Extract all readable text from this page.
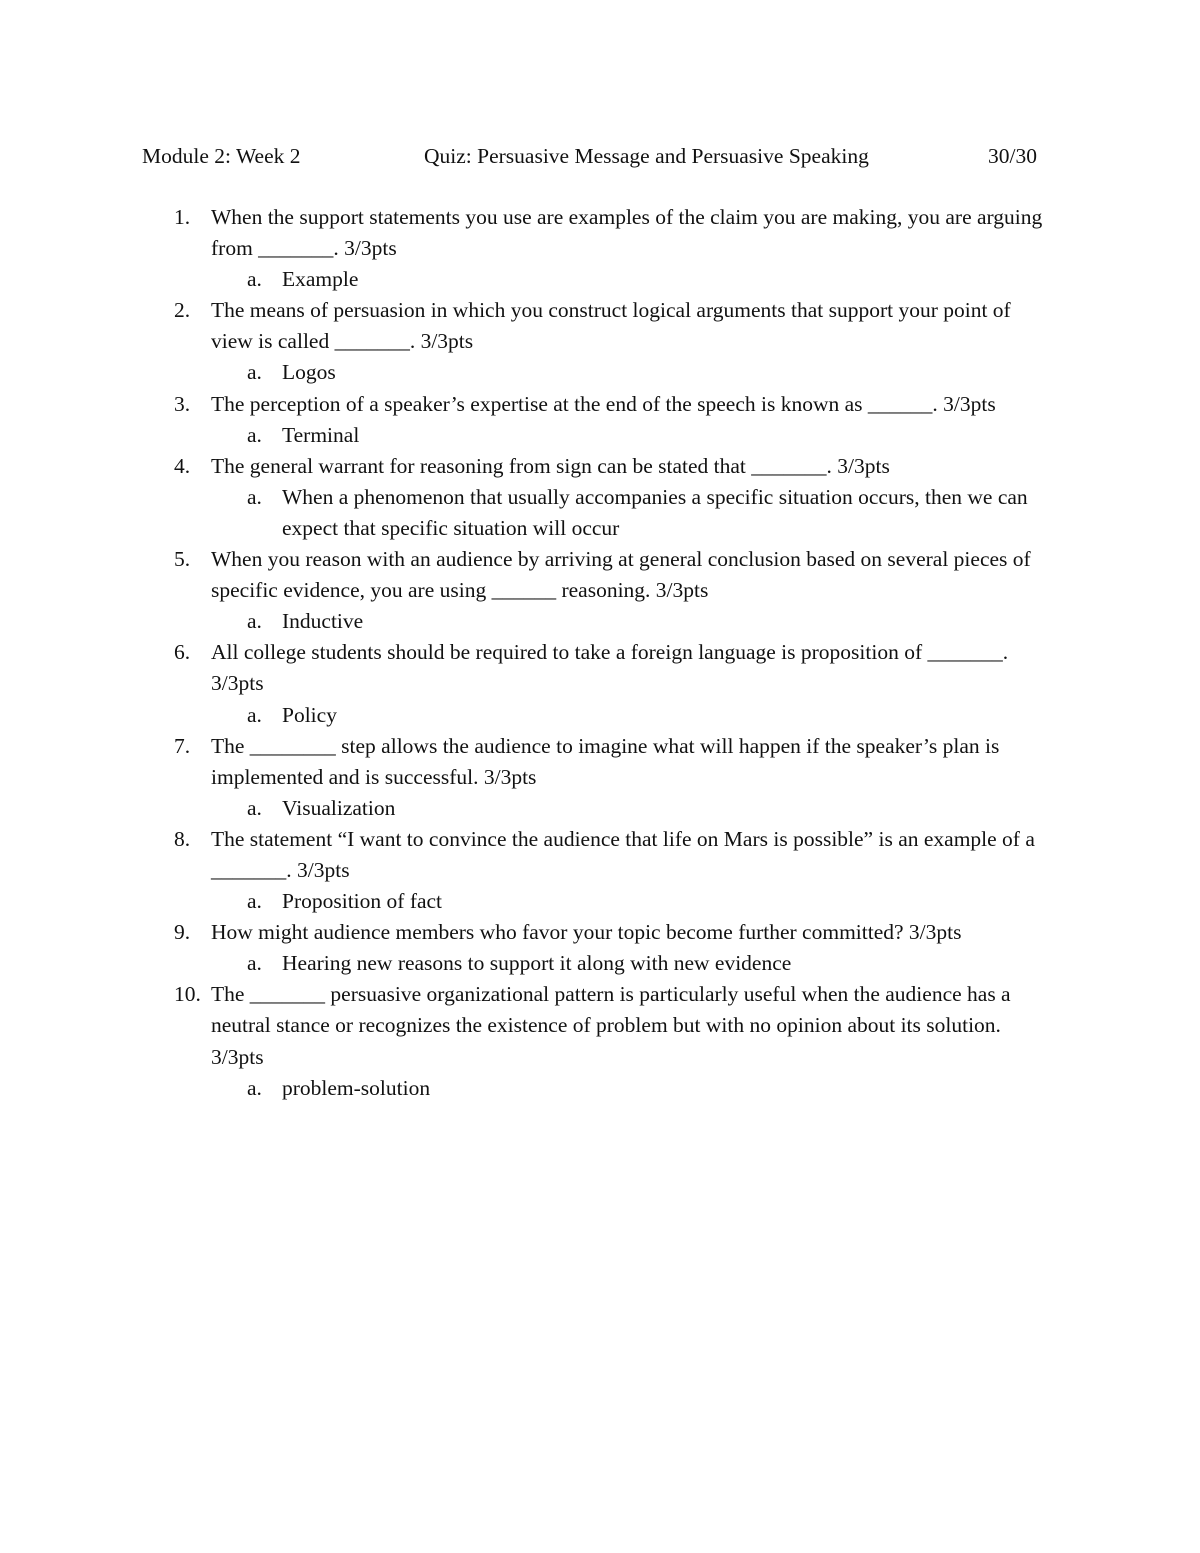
Module 2: Week 2	Quiz: Persuasive Message and Persuasive Speaking	30/30
1. When the support statements you use are examples of the claim you are making, you are arguing from _______. 3/3pts
a. Example
2. The means of persuasion in which you construct logical arguments that support your point of view is called _______. 3/3pts
a. Logos
3. The perception of a speaker’s expertise at the end of the speech is known as ______. 3/3pts
a. Terminal
4. The general warrant for reasoning from sign can be stated that _______. 3/3pts
a. When a phenomenon that usually accompanies a specific situation occurs, then we can expect that specific situation will occur
5. When you reason with an audience by arriving at general conclusion based on several pieces of specific evidence, you are using ______ reasoning. 3/3pts
a. Inductive
6. All college students should be required to take a foreign language is proposition of _______. 3/3pts
a. Policy
7. The ________ step allows the audience to imagine what will happen if the speaker’s plan is implemented and is successful. 3/3pts
a. Visualization
8. The statement “I want to convince the audience that life on Mars is possible” is an example of a _______. 3/3pts
a. Proposition of fact
9. How might audience members who favor your topic become further committed? 3/3pts
a. Hearing new reasons to support it along with new evidence
10. The _______ persuasive organizational pattern is particularly useful when the audience has a neutral stance or recognizes the existence of problem but with no opinion about its solution. 3/3pts
a. problem-solution
